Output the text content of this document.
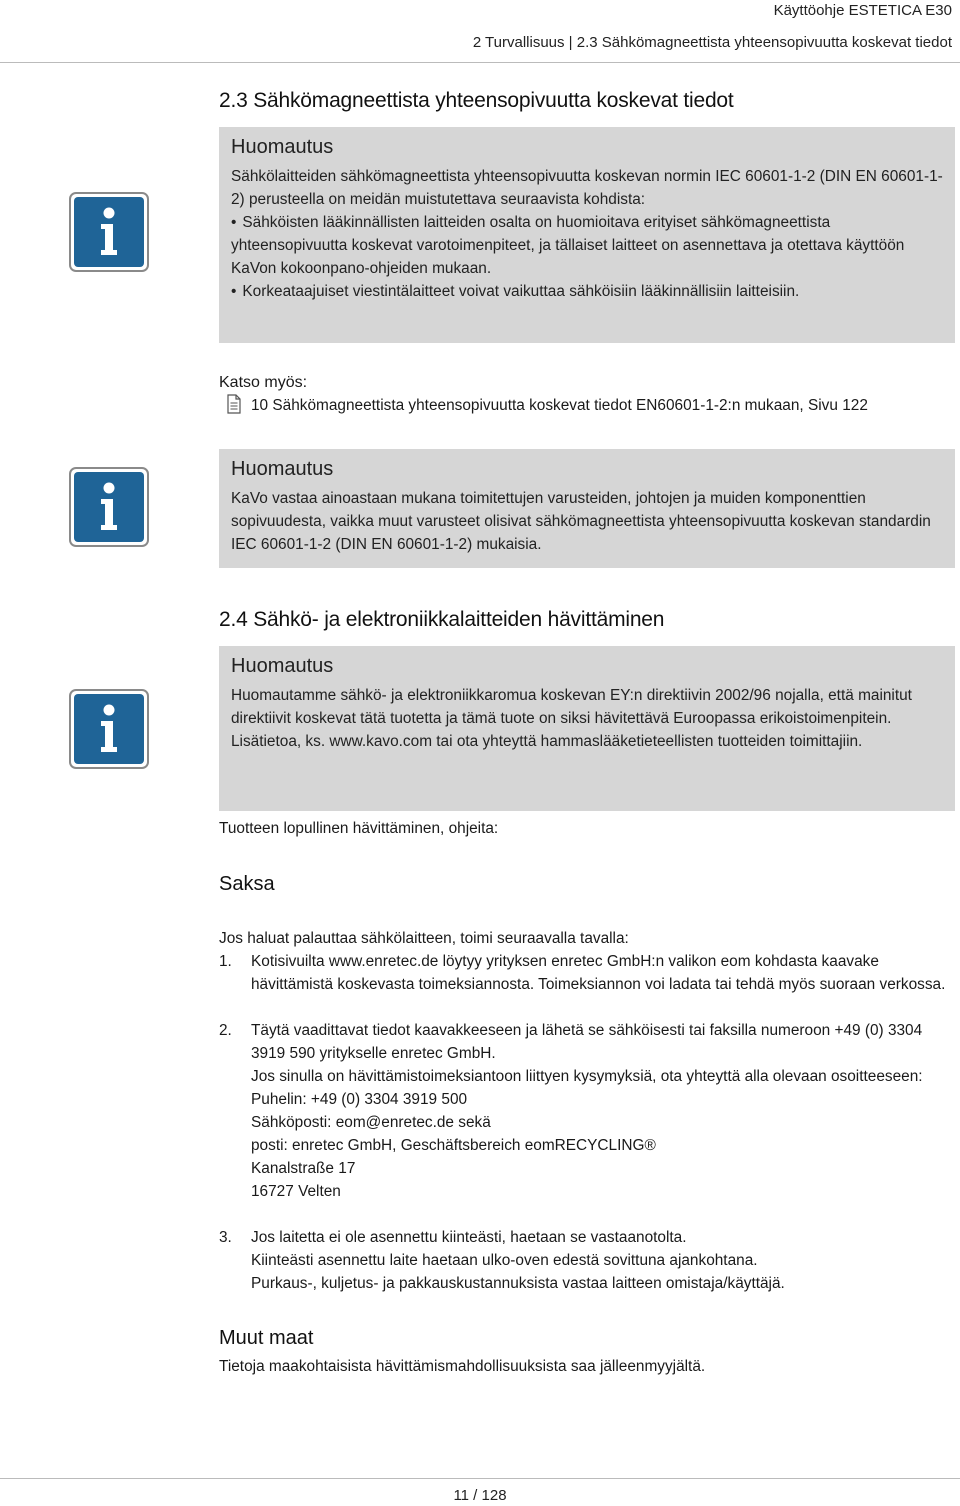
Käyttöohje ESTETICA E30
2 Turvallisuus | 2.3 Sähkömagneettista yhteensopivuutta koskevat tiedot
2.3 Sähkömagneettista yhteensopivuutta koskevat tiedot
Huomautus

Sähkölaitteiden sähkömagneettista yhteensopivuutta koskevan normin IEC 60601-1-2 (DIN EN 60601-1-2) perusteella on meidän muistutettava seuraavista kohdista:

• Sähköisten lääkinnällisten laitteiden osalta on huomioitava erityiset sähkömagneettista yhteensopivuutta koskevat varotoimenpiteet, ja tällaiset laitteet on asennettava ja otettava käyttöön KaVon kokoonpano-ohjeiden mukaan.

• Korkeataajuiset viestintälaitteet voivat vaikuttaa sähköisiin lääkinnällisiin laitteisiin.

Katso myös:
10 Sähkömagneettista yhteensopivuutta koskevat tiedot EN60601-1-2:n mukaan, Sivu 122
Huomautus

KaVo vastaa ainoastaan mukana toimitettujen varusteiden, johtojen ja muiden komponenttien sopivuudesta, vaikka muut varusteet olisivat sähkömagneettista yhteensopivuutta koskevan standardin IEC 60601-1-2 (DIN EN 60601-1-2) mukaisia.

2.4 Sähkö- ja elektroniikkalaitteiden hävittäminen
Huomautus

Huomautamme sähkö- ja elektroniikkaromua koskevan EY:n direktiivin 2002/96 nojalla, että mainitut direktiivit koskevat tätä tuotetta ja tämä tuote on siksi hävitettävä Euroopassa erikoistoimenpitein.

Lisätietoa, ks. www.kavo.com tai ota yhteyttä hammaslääketieteellisten tuotteiden toimittajiin.

Tuotteen lopullinen hävittäminen, ohjeita:
Saksa
Jos haluat palauttaa sähkölaitteen, toimi seuraavalla tavalla:
1.	Kotisivuilta www.enretec.de löytyy yrityksen enretec GmbH:n valikon eom kohdasta kaavake hävittämistä koskevasta toimeksiannosta. Toimeksiannon voi ladata tai tehdä myös suoraan verkossa.
2.	Täytä vaadittavat tiedot kaavakkeeseen ja lähetä se sähköisesti tai faksilla numeroon +49 (0) 3304 3919 590 yritykselle enretec GmbH.
Jos sinulla on hävittämistoimeksiantoon liittyen kysymyksiä, ota yhteyttä alla olevaan osoitteeseen:
Puhelin: +49 (0) 3304 3919 500
Sähköposti: eom@enretec.de sekä
posti: enretec GmbH, Geschäftsbereich eomRECYCLING®
Kanalstraße 17
16727 Velten
3.	Jos laitetta ei ole asennettu kiinteästi, haetaan se vastaanotolta.
Kiinteästi asennettu laite haetaan ulko-oven edestä sovittuna ajankohtana.
Purkaus-, kuljetus- ja pakkauskustannuksista vastaa laitteen omistaja/käyttäjä.
Muut maat
Tietoja maakohtaisista hävittämismahdollisuuksista saa jälleenmyyjältä.
11 / 128
